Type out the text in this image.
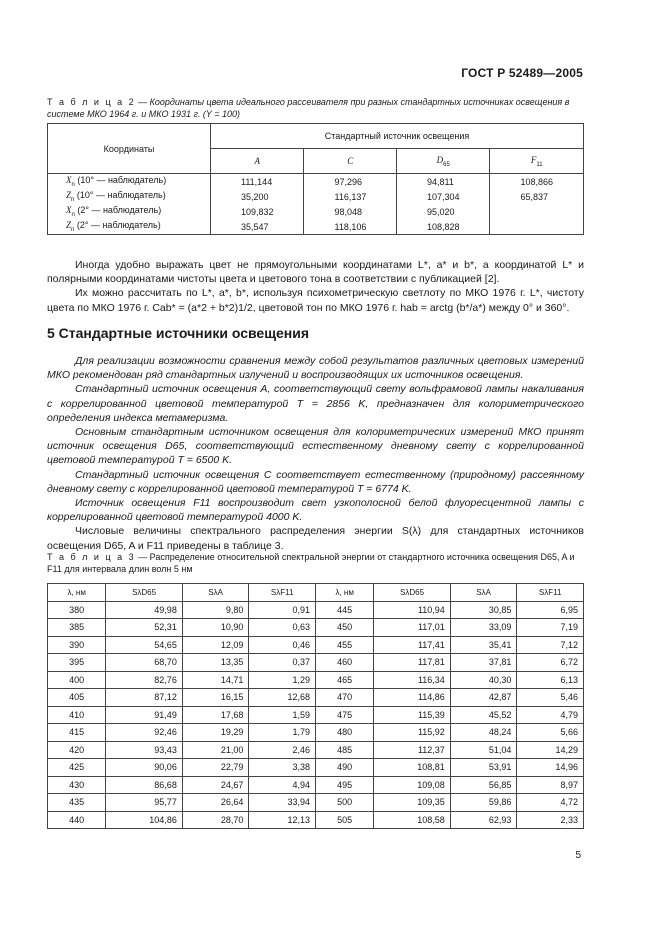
ГОСТ Р 52489—2005
Т а б л и ц а 2 — Координаты цвета идеального рассеивателя при разных стандартных источниках освещения в системе МКО 1964 г. и МКО 1931 г. (Y = 100)
Координаты	Стандартный источник освещения			
	A	C	$D_{65}$	$F_{11}$
$X_n$ (10° — наблюдатель)	111,144	97,296	94,811	108,866
$Z_n$ (10° — наблюдатель)	35,200	116,137	107,304	65,837
$X_n$ (2° — наблюдатель)	109,832	98,048	95,020	
$Z_n$ (2° — наблюдатель)	35,547	118,106	108,828	

Иногда удобно выражать цвет не прямоугольными координатами L*, a* и b*, а координатой L* и полярными координатами чистоты цвета и цветового тона в соответствии с публикацией [2].

Их можно рассчитать по L*, a*, b*, используя психометрическую светлоту по МКО 1976 г. L*, чистоту цвета по МКО 1976 г. Cab* = (a*2 + b*2)1/2, цветовой тон по МКО 1976 г. hab = arctg (b*/a*) между 0° и 360°.

5 Стандартные источники освещения

Для реализации возможности сравнения между собой результатов различных цветовых измерений МКО рекомендован ряд стандартных излучений и воспроизводящих их источников освещения.

Стандартный источник освещения A, соответствующий свету вольфрамовой лампы накаливания с коррелированной цветовой температурой T = 2856 K, предназначен для колориметрического определения индекса метамеризма.

Основным стандартным источником освещения для колориметрических измерений МКО принят источник освещения D65, соответствующий естественному дневному свету с коррелированной цветовой температурой T = 6500 K.

Стандартный источник освещения С соответствует естественному (природному) рассеянному дневному свету с коррелированной цветовой температурой T = 6774 K.

Источник освещения F11 воспроизводит свет узкополосной белой флуоресцентной лампы с коррелированной цветовой температурой 4000 K.

Числовые величины спектрального распределения энергии S(λ) для стандартных источников освещения D65, A и F11 приведены в таблице 3.

Т а б л и ц а 3 — Распределение относительной спектральной энергии от стандартного источника освещения D65, A и F11 для интервала длин волн 5 нм
λ, нм	SλD65	SλA	SλF11	λ, нм	SλD65	SλA	SλF11
380	49,98	9,80	0,91	445	110,94	30,85	6,95
385	52,31	10,90	0,63	450	117,01	33,09	7,19
390	54,65	12,09	0,46	455	117,41	35,41	7,12
395	68,70	13,35	0,37	460	117,81	37,81	6,72
400	82,76	14,71	1,29	465	116,34	40,30	6,13
405	87,12	16,15	12,68	470	114,86	42,87	5,46
410	91,49	17,68	1,59	475	115,39	45,52	4,79
415	92,46	19,29	1,79	480	115,92	48,24	5,66
420	93,43	21,00	2,46	485	112,37	51,04	14,29
425	90,06	22,79	3,38	490	108,81	53,91	14,96
430	86,68	24,67	4,94	495	109,08	56,85	8,97
435	95,77	26,64	33,94	500	109,35	59,86	4,72
440	104,86	28,70	12,13	505	108,58	62,93	2,33
5
